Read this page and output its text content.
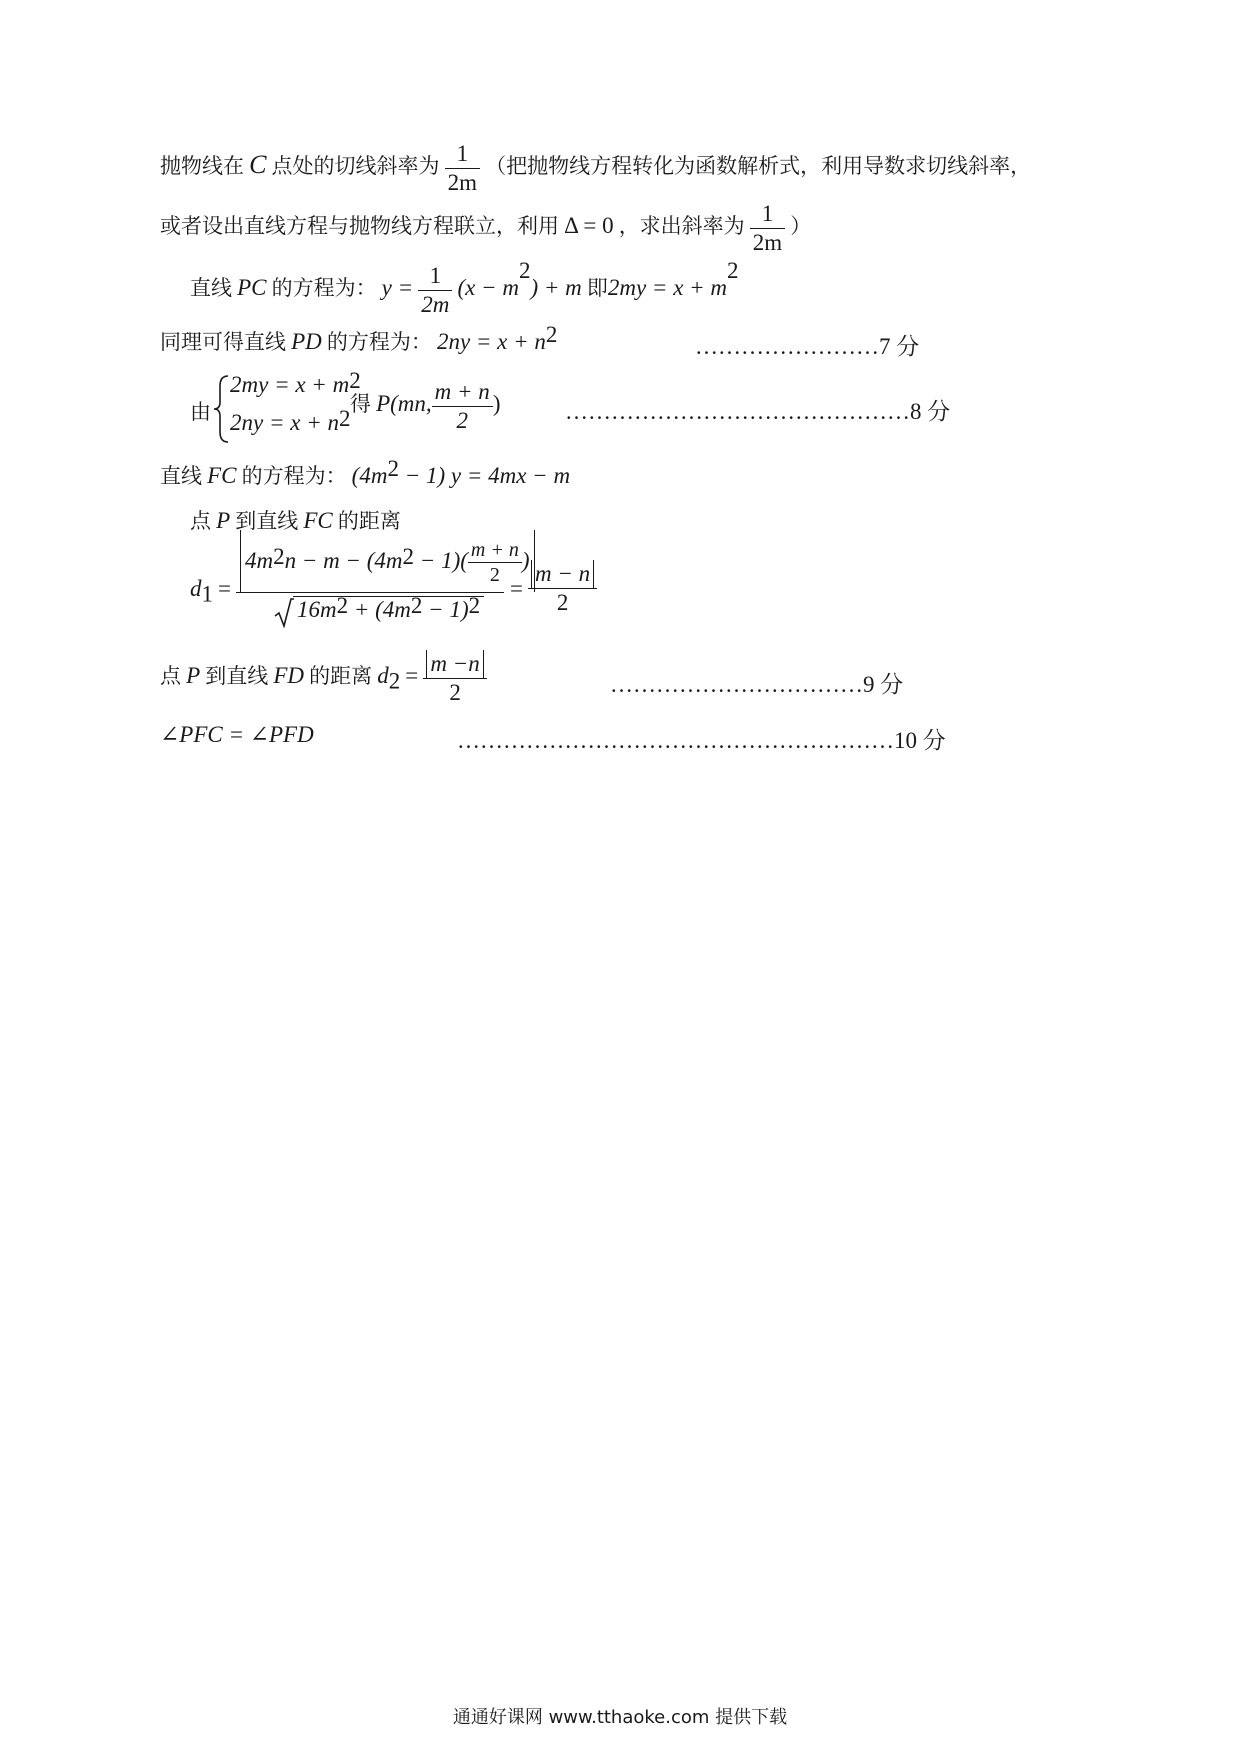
抛物线在 C 点处的切线斜率为 $\frac{1}{2m}$ （把抛物线方程转化为函数解析式，利用导数求切线斜率，
或者设出直线方程与抛物线方程联立，利用 Δ = 0 ，求出斜率为 $\frac{1}{2m}$ ）
直线 PC 的方程为： $y = \frac{1}{2m} (x - m^2) + m$ 即$2my = x + m^2$
同理可得直线 PD 的方程为： $2ny = x + n^2$	……………………7 分
由
$2my = x + m^2$
$2ny = x + n^2$
得 P(mn, $\frac{m + n}{2}$ )	………………………………………8 分
直线 FC 的方程为： $(4m^2 - 1) y = 4mx - m$
点 P 到直线 FC 的距离
$d_1$ =
$4m^2n - m - (4m^2 - 1)( \frac{m + n}{2}$ )
$16m^2 + (4m^2 - 1)^2$
= $\frac{m - n}{2}$
点 P 到直线 FD 的距离 $d_2 = \frac{m -n}{2}$	……………………………9 分
∠PFC = ∠PFD	…………………………………………………10 分
通通好课网 www.tthaoke.com 提供下载
